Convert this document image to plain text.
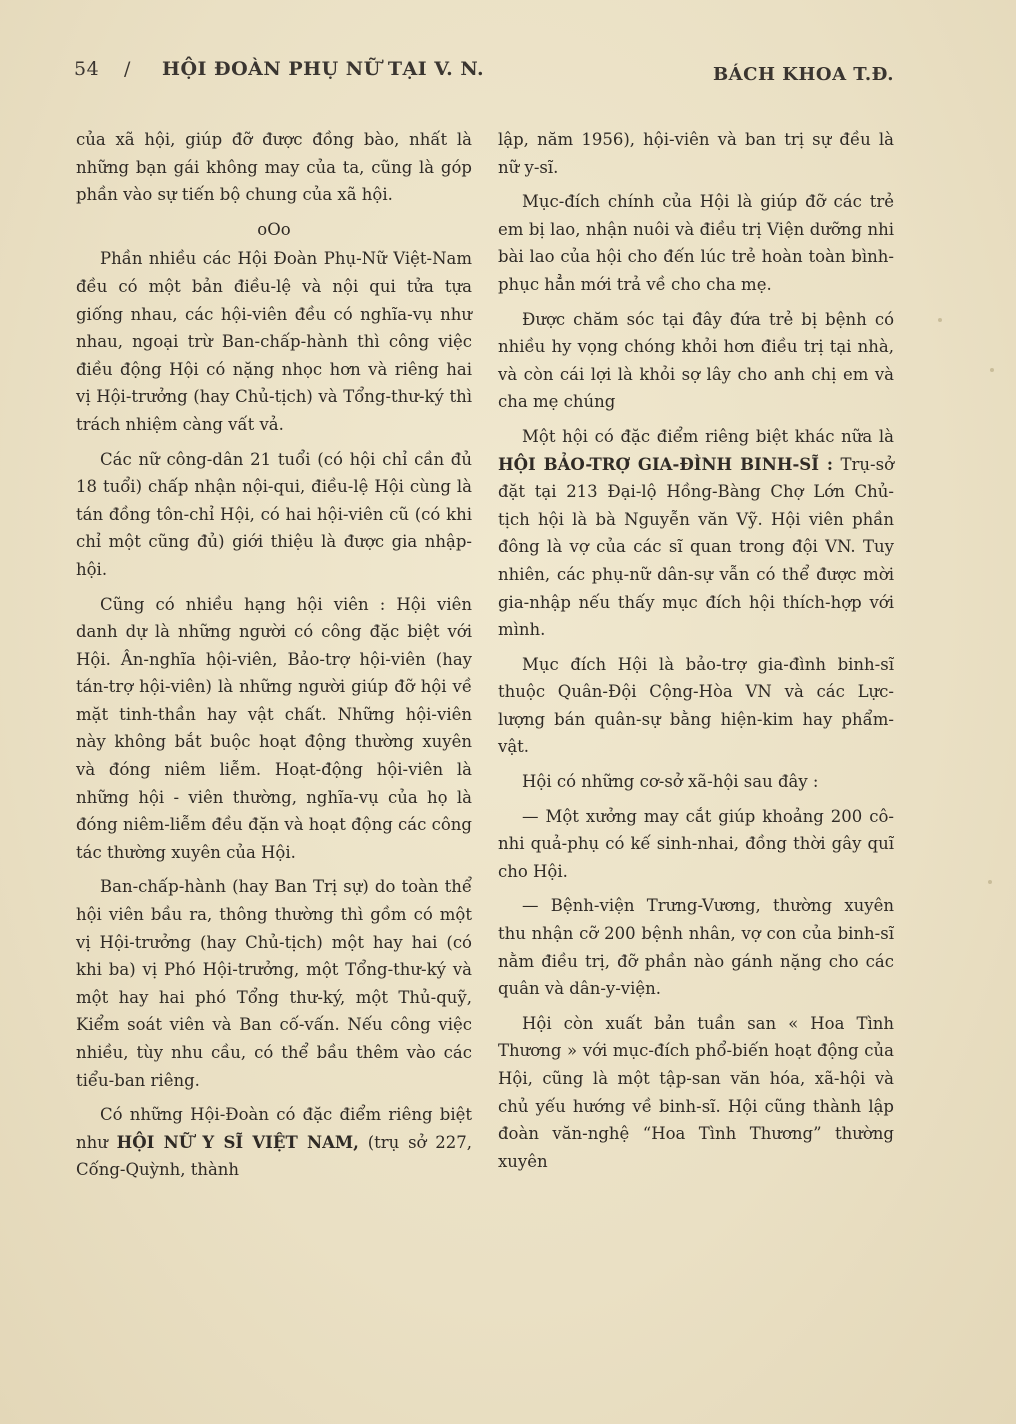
54 / HỘI ĐOÀN PHỤ NỮ TẠI V. N.	BÁCH KHOA T.Đ.

của xã hội, giúp đỡ được đồng bào, nhất là những bạn gái không may của ta, cũng là góp phần vào sự tiến bộ chung của xã hội.

oOo

Phần nhiều các Hội Đoàn Phụ-Nữ Việt-Nam đều có một bản điều-lệ và nội qui tửa tựa giống nhau, các hội-viên đều có nghĩa-vụ như nhau, ngoại trừ Ban-chấp-hành thì công việc điều động Hội có nặng nhọc hơn và riêng hai vị Hội-trưởng (hay Chủ-tịch) và Tổng-thư-ký thì trách nhiệm càng vất vả.

Các nữ công-dân 21 tuổi (có hội chỉ cần đủ 18 tuổi) chấp nhận nội-qui, điều-lệ Hội cùng là tán đồng tôn-chỉ Hội, có hai hội-viên cũ (có khi chỉ một cũng đủ) giới thiệu là được gia nhập-hội.

Cũng có nhiều hạng hội viên : Hội viên danh dự là những người có công đặc biệt với Hội. Ân-nghĩa hội-viên, Bảo-trợ hội-viên (hay tán-trợ hội-viên) là những người giúp đỡ hội về mặt tinh-thần hay vật chất. Những hội-viên này không bắt buộc hoạt động thường xuyên và đóng niêm liễm. Hoạt-động hội-viên là những hội - viên thường, nghĩa-vụ của họ là đóng niêm-liễm đều đặn và hoạt động các công tác thường xuyên của Hội.

Ban-chấp-hành (hay Ban Trị sự) do toàn thể hội viên bầu ra, thông thường thì gồm có một vị Hội-trưởng (hay Chủ-tịch) một hay hai (có khi ba) vị Phó Hội-trưởng, một Tổng-thư-ký và một hay hai phó Tổng thư-ký, một Thủ-quỹ, Kiểm soát viên và Ban cố-vấn. Nếu công việc nhiều, tùy nhu cầu, có thể bầu thêm vào các tiểu-ban riêng.

Có những Hội-Đoàn có đặc điểm riêng biệt như HỘI NỮ Y SĨ VIỆT NAM, (trụ sở 227, Cống-Quỳnh, thành

lập, năm 1956), hội-viên và ban trị sự đều là nữ y-sĩ.

Mục-đích chính của Hội là giúp đỡ các trẻ em bị lao, nhận nuôi và điều trị Viện dưỡng nhi bài lao của hội cho đến lúc trẻ hoàn toàn bình-phục hẳn mới trả về cho cha mẹ.

Được chăm sóc tại đây đứa trẻ bị bệnh có nhiều hy vọng chóng khỏi hơn điều trị tại nhà, và còn cái lợi là khỏi sợ lây cho anh chị em và cha mẹ chúng

Một hội có đặc điểm riêng biệt khác nữa là HỘI BẢO-TRỢ GIA-ĐÌNH BINH-SĨ : Trụ-sở đặt tại 213 Đại-lộ Hồng-Bàng Chợ Lớn Chủ-tịch hội là bà Nguyễn văn Vỹ. Hội viên phần đông là vợ của các sĩ quan trong đội VN. Tuy nhiên, các phụ-nữ dân-sự vẫn có thể được mời gia-nhập nếu thấy mục đích hội thích-hợp với mình.

Mục đích Hội là bảo-trợ gia-đình binh-sĩ thuộc Quân-Đội Cộng-Hòa VN và các Lực-lượng bán quân-sự bằng hiện-kim hay phẩm-vật.

Hội có những cơ-sở xã-hội sau đây :

— Một xưởng may cắt giúp khoảng 200 cô-nhi quả-phụ có kế sinh-nhai, đồng thời gây quĩ cho Hội.

— Bệnh-viện Trưng-Vương, thường xuyên thu nhận cỡ 200 bệnh nhân, vợ con của binh-sĩ nằm điều trị, đỡ phần nào gánh nặng cho các quân và dân-y-viện.

Hội còn xuất bản tuần san « Hoa Tình Thương » với mục-đích phổ-biến hoạt động của Hội, cũng là một tập-san văn hóa, xã-hội và chủ yếu hướng về binh-sĩ. Hội cũng thành lập đoàn văn-nghệ “Hoa Tình Thương” thường xuyên
